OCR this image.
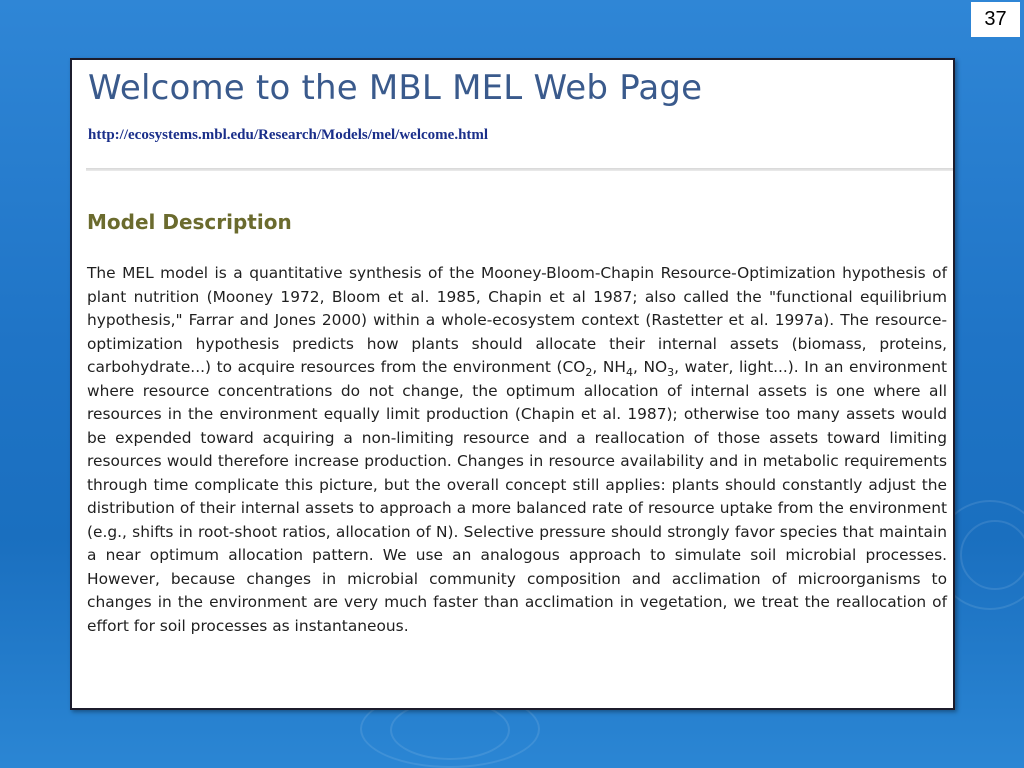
37
Welcome to the MBL MEL Web Page
http://ecosystems.mbl.edu/Research/Models/mel/welcome.html
Model Description

The MEL model is a quantitative synthesis of the Mooney-Bloom-Chapin Resource-Optimization hypothesis of plant nutrition (Mooney 1972, Bloom et al. 1985, Chapin et al 1987; also called the "functional equilibrium hypothesis," Farrar and Jones 2000) within a whole-ecosystem context (Rastetter et al. 1997a). The resource-optimization hypothesis predicts how plants should allocate their internal assets (biomass, proteins, carbohydrate...) to acquire resources from the environment ($CO_2$, $NH_4$, $NO_3$, water, light...). In an environment where resource concentrations do not change, the optimum allocation of internal assets is one where all resources in the environment equally limit production (Chapin et al. 1987); otherwise too many assets would be expended toward acquiring a non-limiting resource and a reallocation of those assets toward limiting resources would therefore increase production. Changes in resource availability and in metabolic requirements through time complicate this picture, but the overall concept still applies: plants should constantly adjust the distribution of their internal assets to approach a more balanced rate of resource uptake from the environment (e.g., shifts in root-shoot ratios, allocation of N). Selective pressure should strongly favor species that maintain a near optimum allocation pattern. We use an analogous approach to simulate soil microbial processes. However, because changes in microbial community composition and acclimation of microorganisms to changes in the environment are very much faster than acclimation in vegetation, we treat the reallocation of effort for soil processes as instantaneous.
